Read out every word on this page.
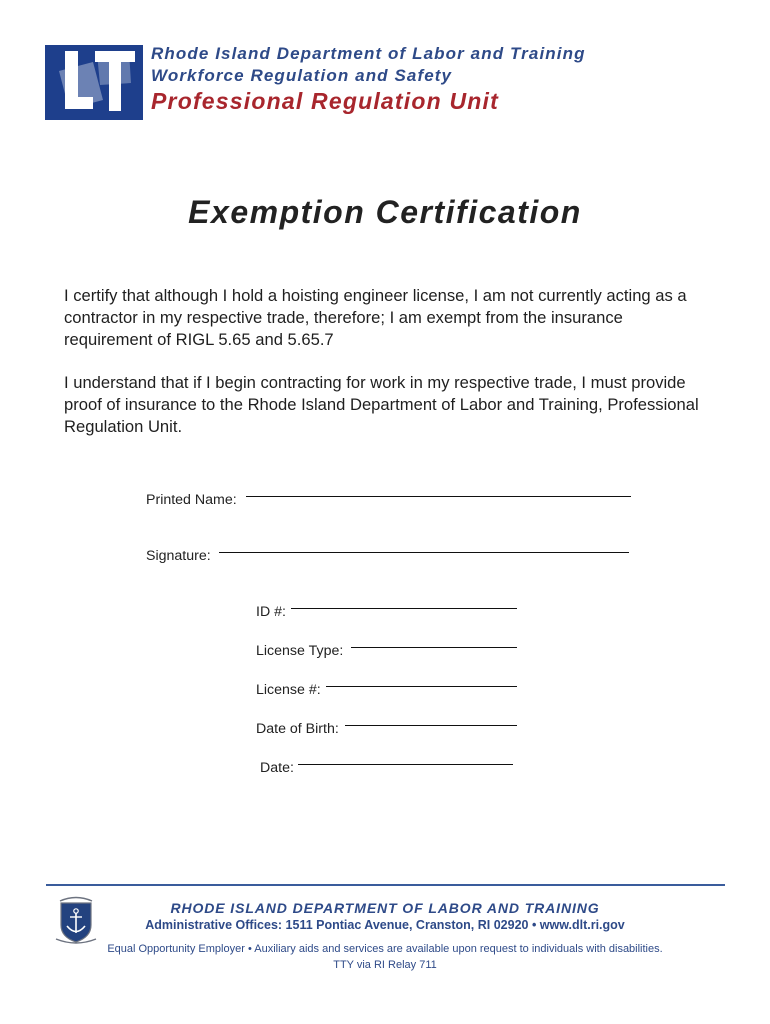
Rhode Island Department of Labor and Training
Workforce Regulation and Safety
Professional Regulation Unit
Exemption Certification
I certify that although I hold a hoisting engineer license, I am not currently acting as a contractor in my respective trade, therefore; I am exempt from the insurance requirement of RIGL 5.65 and 5.65.7
I understand that if I begin contracting for work in my respective trade, I must provide proof of insurance to the Rhode Island Department of Labor and Training, Professional Regulation Unit.
Printed Name:
Signature:
ID #:
License Type:
License #:
Date of Birth:
Date:
RHODE ISLAND DEPARTMENT OF LABOR AND TRAINING
Administrative Offices: 1511 Pontiac Avenue, Cranston, RI 02920 • www.dlt.ri.gov
Equal Opportunity Employer • Auxiliary aids and services are available upon request to individuals with disabilities.
TTY via RI Relay 711
